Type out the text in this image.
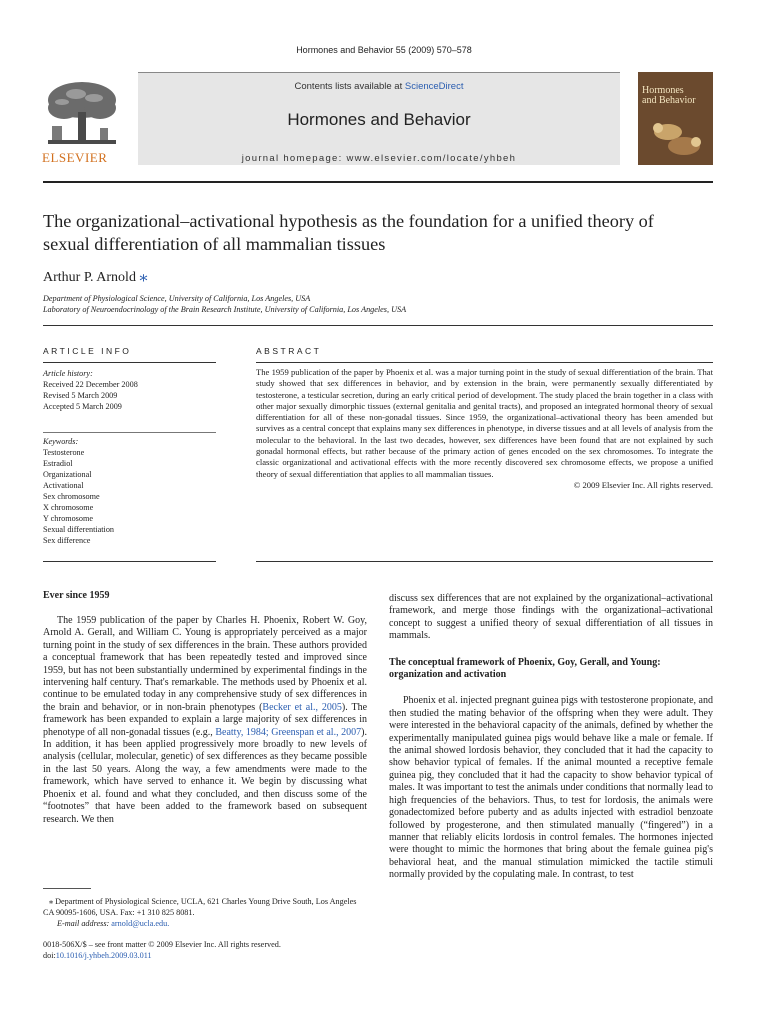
Hormones and Behavior 55 (2009) 570–578
ELSEVIER
Contents lists available at ScienceDirect
Hormones and Behavior
journal homepage: www.elsevier.com/locate/yhbeh
Hormones
and Behavior
The organizational–activational hypothesis as the foundation for a unified theory of
sexual differentiation of all mammalian tissues
Arthur P. Arnold ⁎
Department of Physiological Science, University of California, Los Angeles, USA
Laboratory of Neuroendocrinology of the Brain Research Institute, University of California, Los Angeles, USA
ARTICLE INFO
Article history:
Received 22 December 2008
Revised 5 March 2009
Accepted 5 March 2009
Keywords:
Testosterone
Estradiol
Organizational
Activational
Sex chromosome
X chromosome
Y chromosome
Sexual differentiation
Sex difference
ABSTRACT
The 1959 publication of the paper by Phoenix et al. was a major turning point in the study of sexual differentiation of the brain. That study showed that sex differences in behavior, and by extension in the brain, were permanently sexually differentiated by testosterone, a testicular secretion, during an early critical period of development. The study placed the brain together in a class with other major sexually dimorphic tissues (external genitalia and genital tracts), and proposed an integrated hormonal theory of sexual differentiation for all of these non-gonadal tissues. Since 1959, the organizational–activational theory has been amended but survives as a central concept that explains many sex differences in phenotype, in diverse tissues and at all levels of analysis from the molecular to the behavioral. In the last two decades, however, sex differences have been found that are not explained by such gonadal hormonal effects, but rather because of the primary action of genes encoded on the sex chromosomes. To integrate the classic organizational and activational effects with the more recently discovered sex chromosome effects, we propose a unified theory of sexual differentiation that applies to all mammalian tissues.
© 2009 Elsevier Inc. All rights reserved.
Ever since 1959

The 1959 publication of the paper by Charles H. Phoenix, Robert W. Goy, Arnold A. Gerall, and William C. Young is appropriately perceived as a major turning point in the study of sex differences in the brain. These authors provided a conceptual framework that has been repeatedly tested and improved since 1959, but has not been substantially undermined by experimental findings in the intervening half century. That's remarkable. The methods used by Phoenix et al. continue to be emulated today in any comprehensive study of sex differences in the brain and behavior, or in non-brain phenotypes (Becker et al., 2005). The framework has been expanded to explain a large majority of sex differences in phenotype of all non-gonadal tissues (e.g., Beatty, 1984; Greenspan et al., 2007). In addition, it has been applied progressively more broadly to new levels of analysis (cellular, molecular, genetic) of sex differences as they became possible in the last 50 years. Along the way, a few amendments were made to the framework, which have served to enhance it. We begin by discussing what Phoenix et al. found and what they concluded, and then discuss some of the “footnotes” that have been added to the framework based on subsequent research. We then

⁎ Department of Physiological Science, UCLA, 621 Charles Young Drive South, Los Angeles CA 90095-1606, USA. Fax: +1 310 825 8081.
E-mail address: arnold@ucla.edu.
0018-506X/$ – see front matter © 2009 Elsevier Inc. All rights reserved.
doi:10.1016/j.yhbeh.2009.03.011
discuss sex differences that are not explained by the organizational–activational framework, and merge those findings with the organizational–activational concept to suggest a unified theory of sexual differentiation of all tissues in mammals.
The conceptual framework of Phoenix, Goy, Gerall, and Young: organization and activation

Phoenix et al. injected pregnant guinea pigs with testosterone propionate, and then studied the mating behavior of the offspring when they were adult. They were interested in the behavioral capacity of the animals, defined by whether the experimentally manipulated guinea pigs would behave like a male or female. If the animal showed lordosis behavior, they concluded that it had the capacity to show behavior typical of females. If the animal mounted a receptive female guinea pig, they concluded that it had the capacity to show behavior typical of males. It was important to test the animals under conditions that normally lead to high frequencies of the behaviors. Thus, to test for lordosis, the animals were gonadectomized before puberty and as adults injected with estradiol benzoate followed by progesterone, and then stimulated manually (“fingered”) in a manner that reliably elicits lordosis in control females. The hormones injected were thought to mimic the hormones that bring about the female guinea pig's behavioral heat, and the manual stimulation mimicked the tactile stimuli normally provided by the copulating male. In contrast, to test
